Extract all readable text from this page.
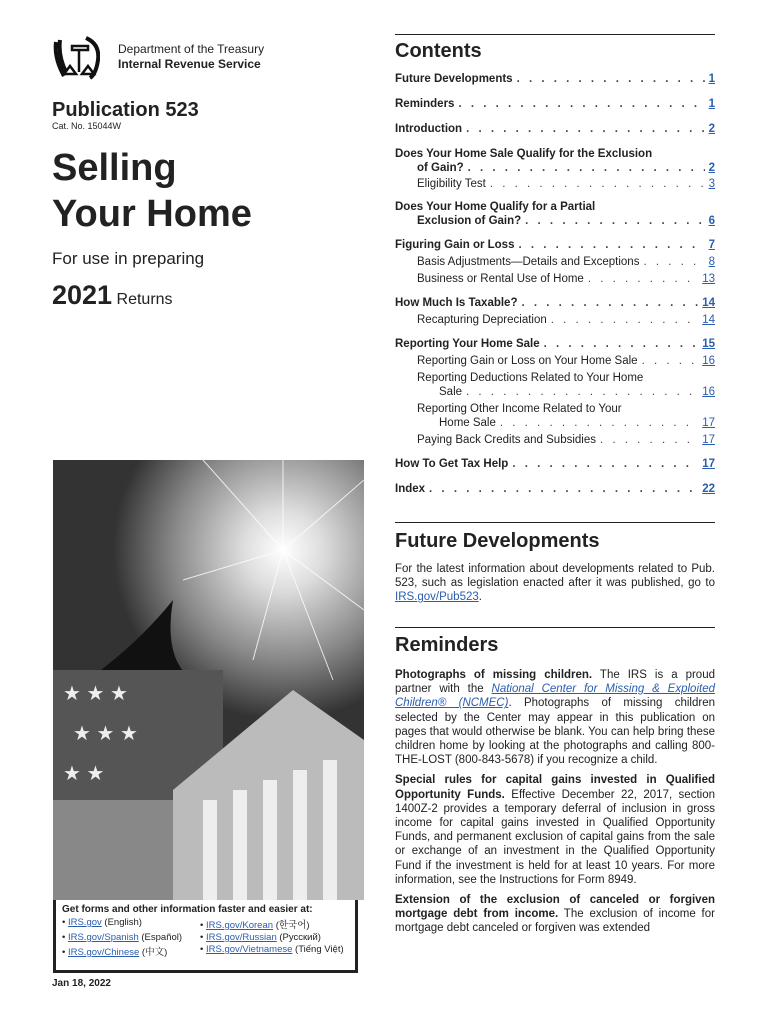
Department of the Treasury
Internal Revenue Service
Publication 523
Cat. No. 15044W
Selling
Your Home
For use in preparing
2021 Returns
★ ★ ★
★ ★ ★
★ ★
Get forms and other information faster and easier at:
• IRS.gov (English)	• IRS.gov/Korean (한국어)
• IRS.gov/Spanish (Español)	• IRS.gov/Russian (Русский)
• IRS.gov/Chinese (中文)	• IRS.gov/Vietnamese (Tiếng Việt)
Jan 18, 2022
Contents
Future Developments . . .	1
Reminders . . .	1
Introduction . . .	2
Does Your Home Sale Qualify for the Exclusion
of Gain? . . .	2
Eligibility Test . . .	3
Does Your Home Qualify for a Partial
Exclusion of Gain? . . .	6
Figuring Gain or Loss . . .	7
Basis Adjustments—Details and Exceptions . . .	8
Business or Rental Use of Home . . .	13
How Much Is Taxable? . . .	14
Recapturing Depreciation . . .	14
Reporting Your Home Sale . . .	15
Reporting Gain or Loss on Your Home Sale . . .	16
Reporting Deductions Related to Your Home
Sale . . .	16
Reporting Other Income Related to Your
Home Sale . . .	17
Paying Back Credits and Subsidies . . .	17
How To Get Tax Help . . .	17
Index . . .	22
Future Developments
For the latest information about developments related to Pub. 523, such as legislation enacted after it was published, go to IRS.gov/Pub523.
Reminders

Photographs of missing children. The IRS is a proud partner with the National Center for Missing & Exploited Children® (NCMEC). Photographs of missing children selected by the Center may appear in this publication on pages that would otherwise be blank. You can help bring these children home by looking at the photographs and calling 800-THE-LOST (800-843-5678) if you recognize a child.

Special rules for capital gains invested in Qualified Opportunity Funds. Effective December 22, 2017, section 1400Z-2 provides a temporary deferral of inclusion in gross income for capital gains invested in Qualified Opportunity Funds, and permanent exclusion of capital gains from the sale or exchange of an investment in the Qualified Opportunity Fund if the investment is held for at least 10 years. For more information, see the Instructions for Form 8949.

Extension of the exclusion of canceled or forgiven mortgage debt from income. The exclusion of income for mortgage debt canceled or forgiven was extended
